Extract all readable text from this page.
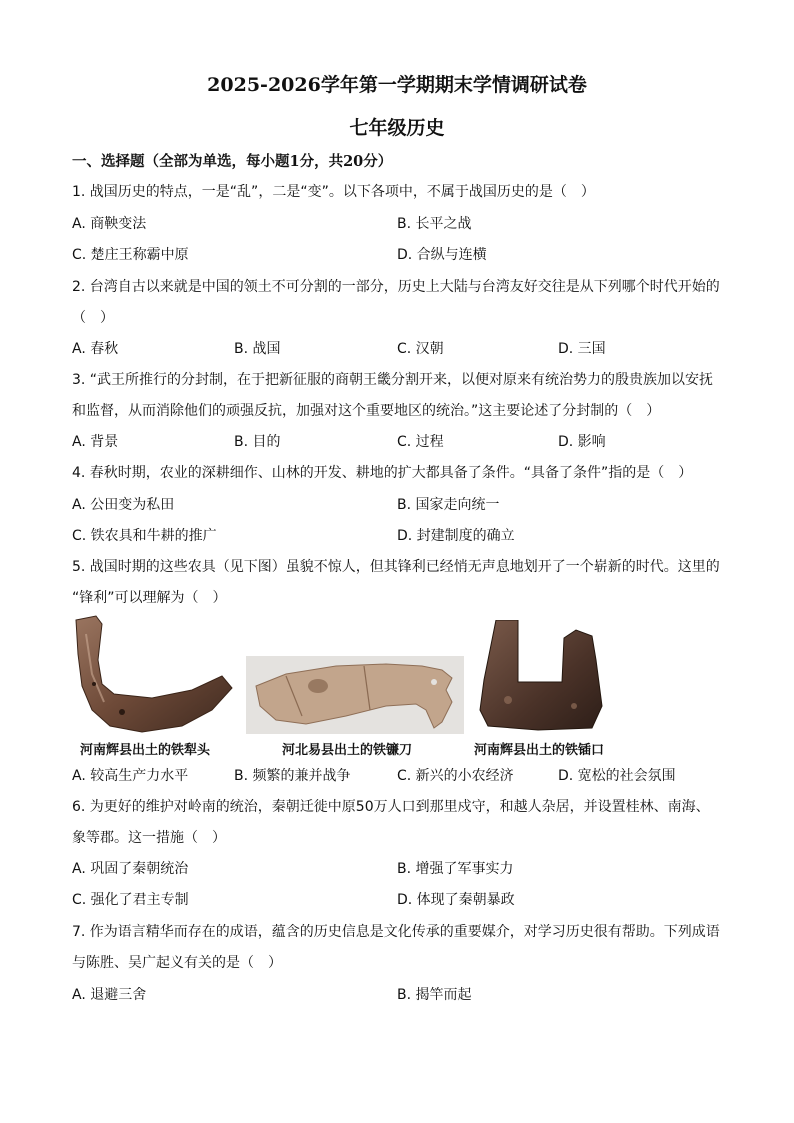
2025-2026学年第一学期期末学情调研试卷
七年级历史
一、选择题（全部为单选，每小题1分，共20分）
1. 战国历史的特点，一是“乱”，二是“变”。以下各项中，不属于战国历史的是（　）
A. 商鞅变法	B. 长平之战
C. 楚庄王称霸中原	D. 合纵与连横
2. 台湾自古以来就是中国的领土不可分割的一部分，历史上大陆与台湾友好交往是从下列哪个时代开始的
（　）
A. 春秋	B. 战国	C. 汉朝	D. 三国
3. “武王所推行的分封制，在于把新征服的商朝王畿分割开来，以便对原来有统治势力的殷贵族加以安抚
和监督，从而消除他们的顽强反抗，加强对这个重要地区的统治。”这主要论述了分封制的（　）
A. 背景	B. 目的	C. 过程	D. 影响
4. 春秋时期，农业的深耕细作、山林的开发、耕地的扩大都具备了条件。“具备了条件”指的是（　）
A. 公田变为私田	B. 国家走向统一
C. 铁农具和牛耕的推广	D. 封建制度的确立
5. 战国时期的这些农具（见下图）虽貌不惊人，但其锋利已经悄无声息地划开了一个崭新的时代。这里的
“锋利”可以理解为（　）
河南辉县出土的铁犁头	河北易县出土的铁镰刀	河南辉县出土的铁锸口
A. 较高生产力水平	B. 频繁的兼并战争	C. 新兴的小农经济	D. 宽松的社会氛围
6. 为更好的维护对岭南的统治，秦朝迁徙中原50万人口到那里戍守，和越人杂居，并设置桂林、南海、
象等郡。这一措施（　）
A. 巩固了秦朝统治	B. 增强了军事实力
C. 强化了君主专制	D. 体现了秦朝暴政
7. 作为语言精华而存在的成语，蕴含的历史信息是文化传承的重要媒介，对学习历史很有帮助。下列成语
与陈胜、吴广起义有关的是（　）
A. 退避三舍	B. 揭竿而起
